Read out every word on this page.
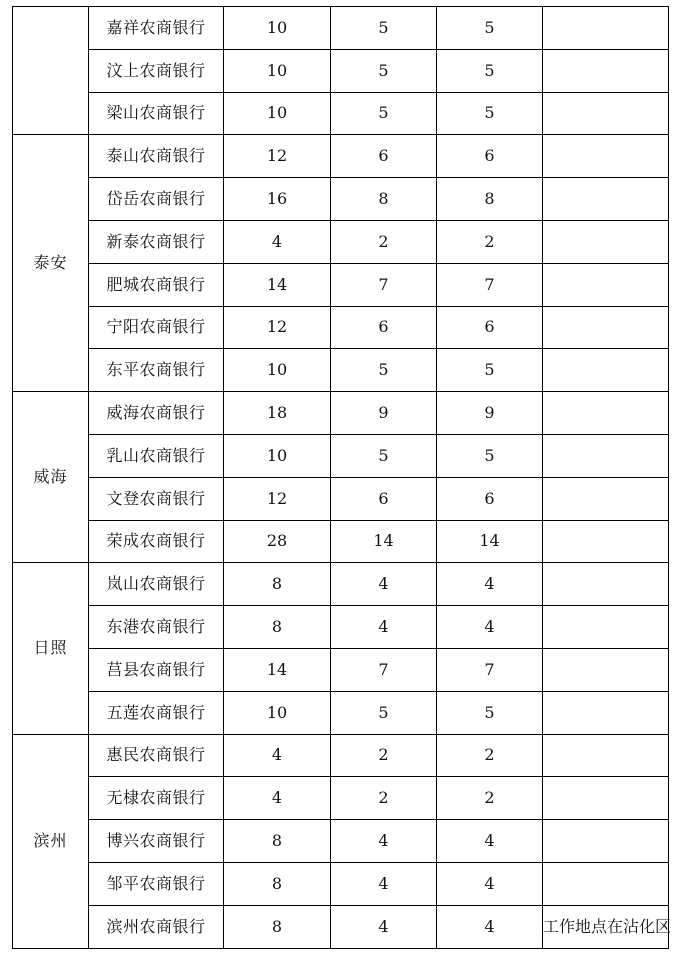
	嘉祥农商银行	10	5	5	
	汶上农商银行	10	5	5	
	梁山农商银行	10	5	5	
泰安	泰山农商银行	12	6	6	
	岱岳农商银行	16	8	8	
	新泰农商银行	4	2	2	
	肥城农商银行	14	7	7	
	宁阳农商银行	12	6	6	
	东平农商银行	10	5	5	
威海	威海农商银行	18	9	9	
	乳山农商银行	10	5	5	
	文登农商银行	12	6	6	
	荣成农商银行	28	14	14	
日照	岚山农商银行	8	4	4	
	东港农商银行	8	4	4	
	莒县农商银行	14	7	7	
	五莲农商银行	10	5	5	
滨州	惠民农商银行	4	2	2	
	无棣农商银行	4	2	2	
	博兴农商银行	8	4	4	
	邹平农商银行	8	4	4	
	滨州农商银行	8	4	4	工作地点在沾化区
